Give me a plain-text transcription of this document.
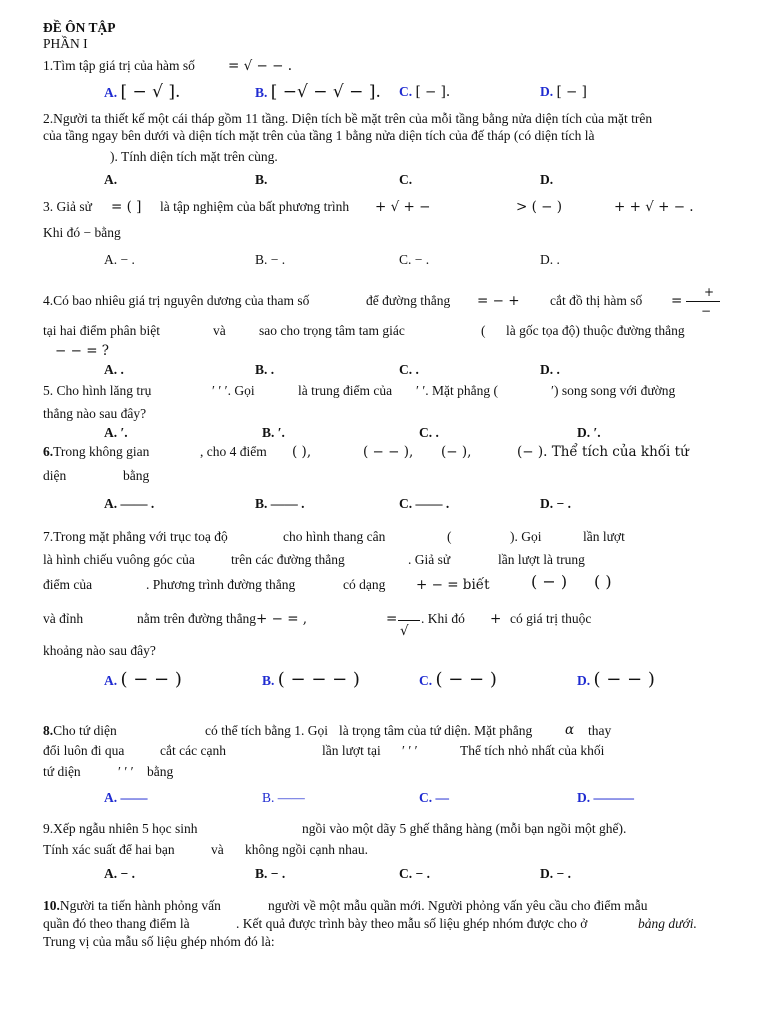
ĐỀ ÔN TẬP
PHẦN I
1.Tìm tập giá trị của hàm số = √ − − .
A. [ − √ ].	B. [ −√ − √ − ]. C. [ − ].	D. [ − ]
2.Người ta thiết kế một cái tháp gồm 11 tầng. Diện tích bề mặt trên của mỗi tầng bằng nửa diện tích của mặt trên
của tầng ngay bên dưới và diện tích mặt trên của tầng 1 bằng nửa diện tích của đế tháp (có diện tích là
). Tính diện tích mặt trên cùng.
A.	B.	C.	D.
3. Giả sử = ( ] là tập nghiệm của bất phương trình + √ + −	> ( − )	+ + √ + − .
Khi đó − bằng
A. − .	B. − .	C. − .	D. .
4.Có bao nhiêu giá trị nguyên dương của tham số	để đường thẳng = − + cắt đồ thị hàm số =
+
−
tại hai điểm phân biệt	và sao cho trọng tâm tam giác	( là gốc tọa độ) thuộc đường thẳng
− − = ?
A. .	B. .	C. .	D. .
5. Cho hình lăng trụ	′ ′ ′. Gọi	là trung điểm của ′ ′. Mặt phẳng (	′) song song với đường
thẳng nào sau đây?
A. ′.	B. ′.	C. .	D. ′.
6.Trong không gian	, cho 4 điểm ( ),	( − − ), (− ),	(− ). Thể tích của khối tứ
diện	bằng
A. —— .	B. —— .	C. —— .	D. − .
7.Trong mặt phẳng với trục toạ độ	cho hình thang cân	(	). Gọi	lần lượt
là hình chiếu vuông góc của	trên các đường thẳng	. Giả sử	lần lượt là trung
điểm của	. Phương trình đường thẳng	có dạng + − = biết	( − ) ( )
và đỉnh	nằm trên đường thẳng + − = ,	=
√
. Khi đó + có giá trị thuộc
khoảng nào sau đây?
A. ( − − )	B. ( − − − )	C. ( − − )	D. ( − − )
8.Cho tứ diện	có thể tích bằng 1. Gọi là trọng tâm của tứ diện. Mặt phẳng α thay
đổi luôn đi qua	cắt các cạnh	lần lượt tại ′ ′ ′	Thể tích nhỏ nhất của khối
tứ diện	′ ′ ′ bằng
A. ——	B. ——	C. —	D. ———
9.Xếp ngẫu nhiên 5 học sinh	ngồi vào một dãy 5 ghế thẳng hàng (mỗi bạn ngồi một ghế).
Tính xác suất để hai bạn	và không ngồi cạnh nhau.
A. − .	B. − .	C. − .	D. − .
10.Người ta tiến hành phỏng vấn	người về một mẫu quần mới. Người phỏng vấn yêu cầu cho điểm mẫu
quần đó theo thang điểm là	. Kết quả được trình bày theo mẫu số liệu ghép nhóm được cho ở	bảng dưới.
Trung vị của mẫu số liệu ghép nhóm đó là:
